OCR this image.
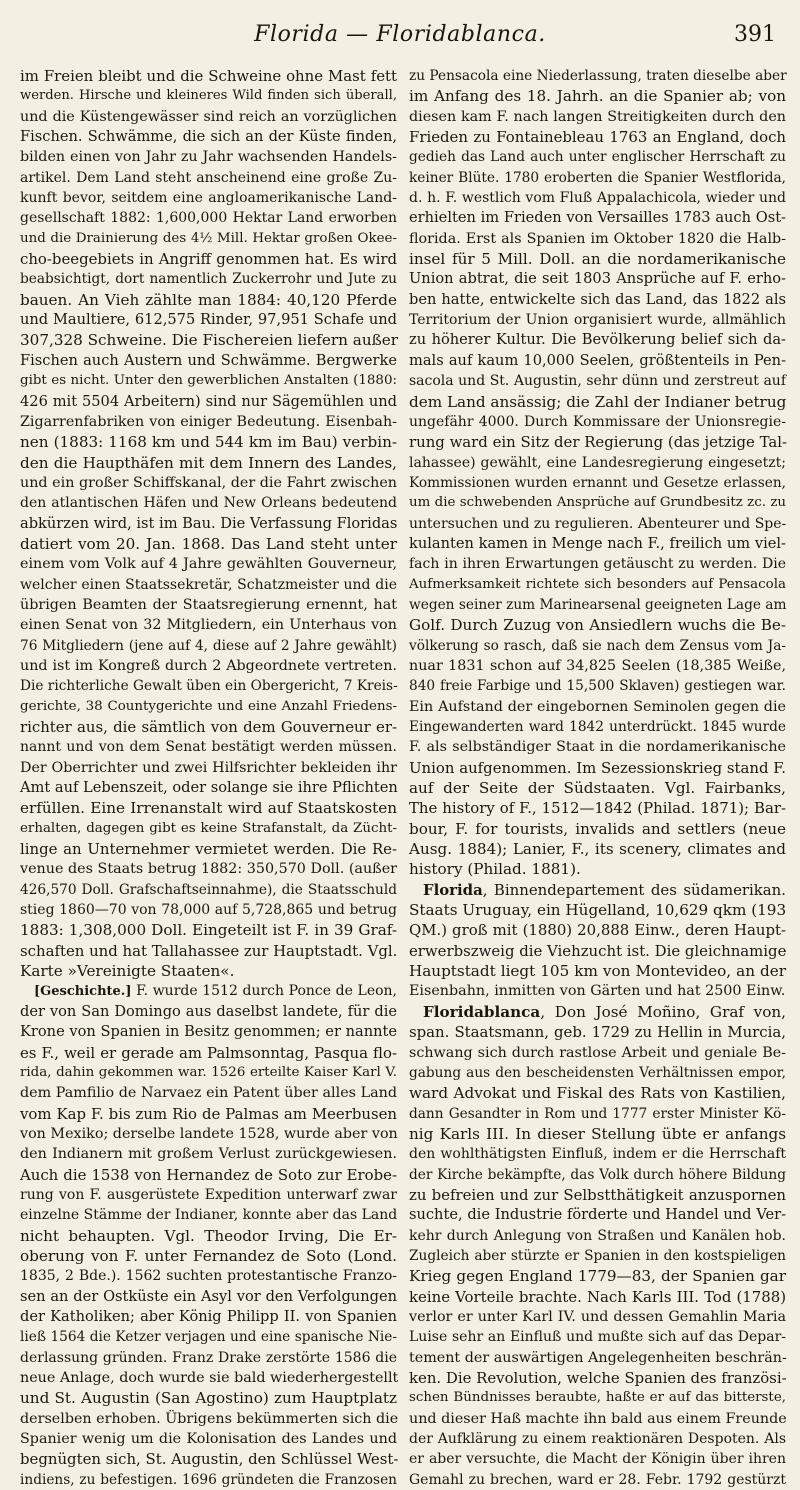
Florida — Floridablanca.	391
im Freien bleibt und die Schweine ohne Mast fett
werden. Hirsche und kleineres Wild finden sich überall,
und die Küstengewässer sind reich an vorzüglichen
Fischen. Schwämme, die sich an der Küste finden,
bilden einen von Jahr zu Jahr wachsenden Handels-
artikel. Dem Land steht anscheinend eine große Zu-
kunft bevor, seitdem eine angloamerikanische Land-
gesellschaft 1882: 1,600,000 Hektar Land erworben
und die Drainierung des 4½ Mill. Hektar großen Okee-
cho-beegebiets in Angriff genommen hat. Es wird
beabsichtigt, dort namentlich Zuckerrohr und Jute zu
bauen. An Vieh zählte man 1884: 40,120 Pferde
und Maultiere, 612,575 Rinder, 97,951 Schafe und
307,328 Schweine. Die Fischereien liefern außer
Fischen auch Austern und Schwämme. Bergwerke
gibt es nicht. Unter den gewerblichen Anstalten (1880:
426 mit 5504 Arbeitern) sind nur Sägemühlen und
Zigarrenfabriken von einiger Bedeutung. Eisenbah-
nen (1883: 1168 km und 544 km im Bau) verbin-
den die Haupthäfen mit dem Innern des Landes,
und ein großer Schiffskanal, der die Fahrt zwischen
den atlantischen Häfen und New Orleans bedeutend
abkürzen wird, ist im Bau. Die Verfassung Floridas
datiert vom 20. Jan. 1868. Das Land steht unter
einem vom Volk auf 4 Jahre gewählten Gouverneur,
welcher einen Staatssekretär, Schatzmeister und die
übrigen Beamten der Staatsregierung ernennt, hat
einen Senat von 32 Mitgliedern, ein Unterhaus von
76 Mitgliedern (jene auf 4, diese auf 2 Jahre gewählt)
und ist im Kongreß durch 2 Abgeordnete vertreten.
Die richterliche Gewalt üben ein Obergericht, 7 Kreis-
gerichte, 38 Countygerichte und eine Anzahl Friedens-
richter aus, die sämtlich von dem Gouverneur er-
nannt und von dem Senat bestätigt werden müssen.
Der Oberrichter und zwei Hilfsrichter bekleiden ihr
Amt auf Lebenszeit, oder solange sie ihre Pflichten
erfüllen. Eine Irrenanstalt wird auf Staatskosten
erhalten, dagegen gibt es keine Strafanstalt, da Zücht-
linge an Unternehmer vermietet werden. Die Re-
venue des Staats betrug 1882: 350,570 Doll. (außer
426,570 Doll. Grafschaftseinnahme), die Staatsschuld
stieg 1860—70 von 78,000 auf 5,728,865 und betrug
1883: 1,308,000 Doll. Eingeteilt ist F. in 39 Graf-
schaften und hat Tallahassee zur Hauptstadt. Vgl.
Karte »Vereinigte Staaten«.
[Geschichte.] F. wurde 1512 durch Ponce de Leon,
der von San Domingo aus daselbst landete, für die
Krone von Spanien in Besitz genommen; er nannte
es F., weil er gerade am Palmsonntag, Pasqua flo-
rida, dahin gekommen war. 1526 erteilte Kaiser Karl V.
dem Pamfilio de Narvaez ein Patent über alles Land
vom Kap F. bis zum Rio de Palmas am Meerbusen
von Mexiko; derselbe landete 1528, wurde aber von
den Indianern mit großem Verlust zurückgewiesen.
Auch die 1538 von Hernandez de Soto zur Erobe-
rung von F. ausgerüstete Expedition unterwarf zwar
einzelne Stämme der Indianer, konnte aber das Land
nicht behaupten. Vgl. Theodor Irving, Die Er-
oberung von F. unter Fernandez de Soto (Lond.
1835, 2 Bde.). 1562 suchten protestantische Franzo-
sen an der Ostküste ein Asyl vor den Verfolgungen
der Katholiken; aber König Philipp II. von Spanien
ließ 1564 die Ketzer verjagen und eine spanische Nie-
derlassung gründen. Franz Drake zerstörte 1586 die
neue Anlage, doch wurde sie bald wiederhergestellt
und St. Augustin (San Agostino) zum Hauptplatz
derselben erhoben. Übrigens bekümmerten sich die
Spanier wenig um die Kolonisation des Landes und
begnügten sich, St. Augustin, den Schlüssel West-
indiens, zu befestigen. 1696 gründeten die Franzosen
zu Pensacola eine Niederlassung, traten dieselbe aber
im Anfang des 18. Jahrh. an die Spanier ab; von
diesen kam F. nach langen Streitigkeiten durch den
Frieden zu Fontainebleau 1763 an England, doch
gedieh das Land auch unter englischer Herrschaft zu
keiner Blüte. 1780 eroberten die Spanier Westflorida,
d. h. F. westlich vom Fluß Appalachicola, wieder und
erhielten im Frieden von Versailles 1783 auch Ost-
florida. Erst als Spanien im Oktober 1820 die Halb-
insel für 5 Mill. Doll. an die nordamerikanische
Union abtrat, die seit 1803 Ansprüche auf F. erho-
ben hatte, entwickelte sich das Land, das 1822 als
Territorium der Union organisiert wurde, allmählich
zu höherer Kultur. Die Bevölkerung belief sich da-
mals auf kaum 10,000 Seelen, größtenteils in Pen-
sacola und St. Augustin, sehr dünn und zerstreut auf
dem Land ansässig; die Zahl der Indianer betrug
ungefähr 4000. Durch Kommissare der Unionsregie-
rung ward ein Sitz der Regierung (das jetzige Tal-
lahassee) gewählt, eine Landesregierung eingesetzt;
Kommissionen wurden ernannt und Gesetze erlassen,
um die schwebenden Ansprüche auf Grundbesitz zc. zu
untersuchen und zu regulieren. Abenteurer und Spe-
kulanten kamen in Menge nach F., freilich um viel-
fach in ihren Erwartungen getäuscht zu werden. Die
Aufmerksamkeit richtete sich besonders auf Pensacola
wegen seiner zum Marinearsenal geeigneten Lage am
Golf. Durch Zuzug von Ansiedlern wuchs die Be-
völkerung so rasch, daß sie nach dem Zensus vom Ja-
nuar 1831 schon auf 34,825 Seelen (18,385 Weiße,
840 freie Farbige und 15,500 Sklaven) gestiegen war.
Ein Aufstand der eingebornen Seminolen gegen die
Eingewanderten ward 1842 unterdrückt. 1845 wurde
F. als selbständiger Staat in die nordamerikanische
Union aufgenommen. Im Sezessionskrieg stand F.
auf der Seite der Südstaaten. Vgl. Fairbanks,
The history of F., 1512—1842 (Philad. 1871); Bar-
bour, F. for tourists, invalids and settlers (neue
Ausg. 1884); Lanier, F., its scenery, climates and
history (Philad. 1881).
Florida, Binnendepartement des südamerikan.
Staats Uruguay, ein Hügelland, 10,629 qkm (193
QM.) groß mit (1880) 20,888 Einw., deren Haupt-
erwerbszweig die Viehzucht ist. Die gleichnamige
Hauptstadt liegt 105 km von Montevideo, an der
Eisenbahn, inmitten von Gärten und hat 2500 Einw.
Floridablanca, Don José Moñino, Graf von,
span. Staatsmann, geb. 1729 zu Hellin in Murcia,
schwang sich durch rastlose Arbeit und geniale Be-
gabung aus den bescheidensten Verhältnissen empor,
ward Advokat und Fiskal des Rats von Kastilien,
dann Gesandter in Rom und 1777 erster Minister Kö-
nig Karls III. In dieser Stellung übte er anfangs
den wohlthätigsten Einfluß, indem er die Herrschaft
der Kirche bekämpfte, das Volk durch höhere Bildung
zu befreien und zur Selbstthätigkeit anzuspornen
suchte, die Industrie förderte und Handel und Ver-
kehr durch Anlegung von Straßen und Kanälen hob.
Zugleich aber stürzte er Spanien in den kostspieligen
Krieg gegen England 1779—83, der Spanien gar
keine Vorteile brachte. Nach Karls III. Tod (1788)
verlor er unter Karl IV. und dessen Gemahlin Maria
Luise sehr an Einfluß und mußte sich auf das Depar-
tement der auswärtigen Angelegenheiten beschrän-
ken. Die Revolution, welche Spanien des französi-
schen Bündnisses beraubte, haßte er auf das bitterste,
und dieser Haß machte ihn bald aus einem Freunde
der Aufklärung zu einem reaktionären Despoten. Als
er aber versuchte, die Macht der Königin über ihren
Gemahl zu brechen, ward er 28. Febr. 1792 gestürzt
